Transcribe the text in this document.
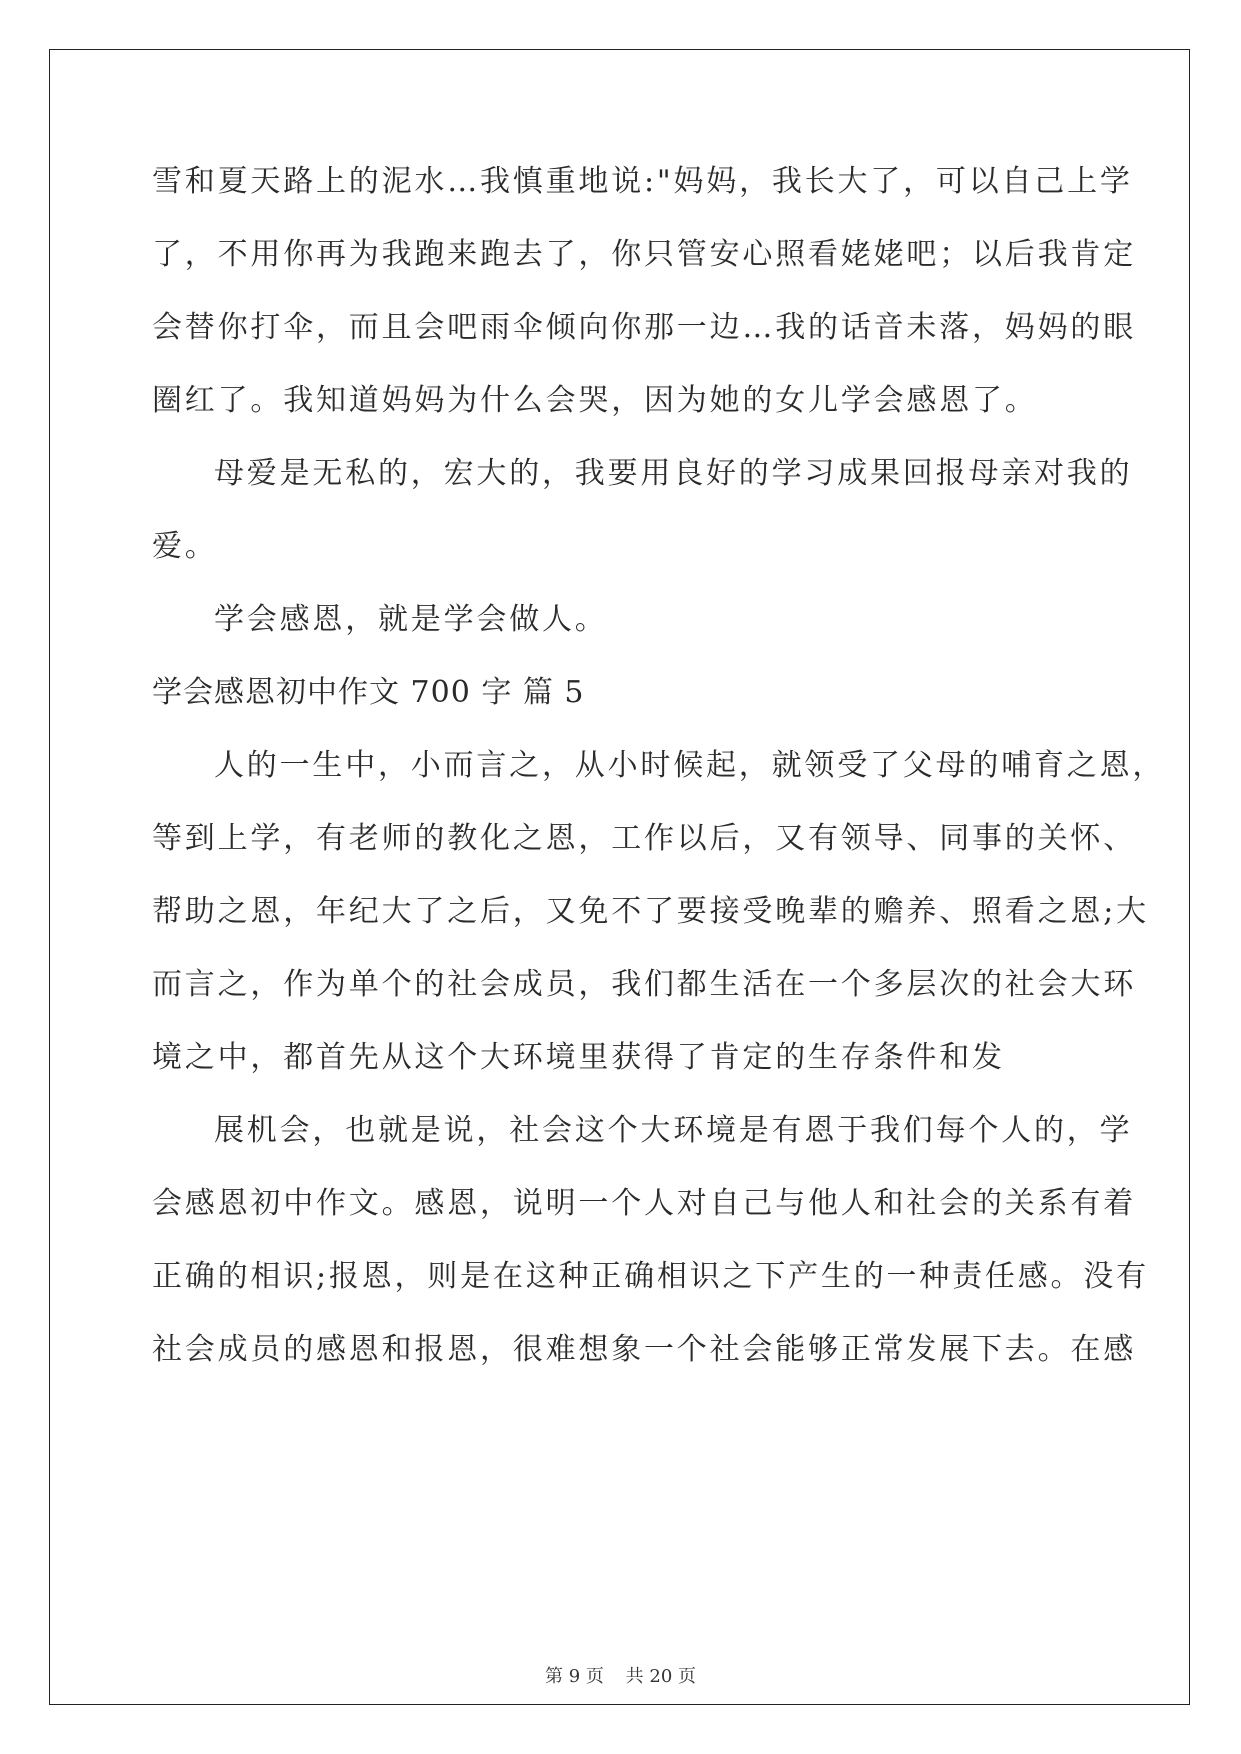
雪和夏天路上的泥水…我慎重地说:"妈妈，我长大了，可以自己上学
了，不用你再为我跑来跑去了，你只管安心照看姥姥吧；以后我肯定
会替你打伞，而且会吧雨伞倾向你那一边…我的话音未落，妈妈的眼
圈红了。我知道妈妈为什么会哭，因为她的女儿学会感恩了。
母爱是无私的，宏大的，我要用良好的学习成果回报母亲对我的
爱。
学会感恩，就是学会做人。
学会感恩初中作文 700 字 篇 5
人的一生中，小而言之，从小时候起，就领受了父母的哺育之恩，
等到上学，有老师的教化之恩，工作以后，又有领导、同事的关怀、
帮助之恩，年纪大了之后，又免不了要接受晚辈的赡养、照看之恩;大
而言之，作为单个的社会成员，我们都生活在一个多层次的社会大环
境之中，都首先从这个大环境里获得了肯定的生存条件和发
展机会，也就是说，社会这个大环境是有恩于我们每个人的，学
会感恩初中作文。感恩，说明一个人对自己与他人和社会的关系有着
正确的相识;报恩，则是在这种正确相识之下产生的一种责任感。没有
社会成员的感恩和报恩，很难想象一个社会能够正常发展下去。在感
第 9 页 共 20 页
